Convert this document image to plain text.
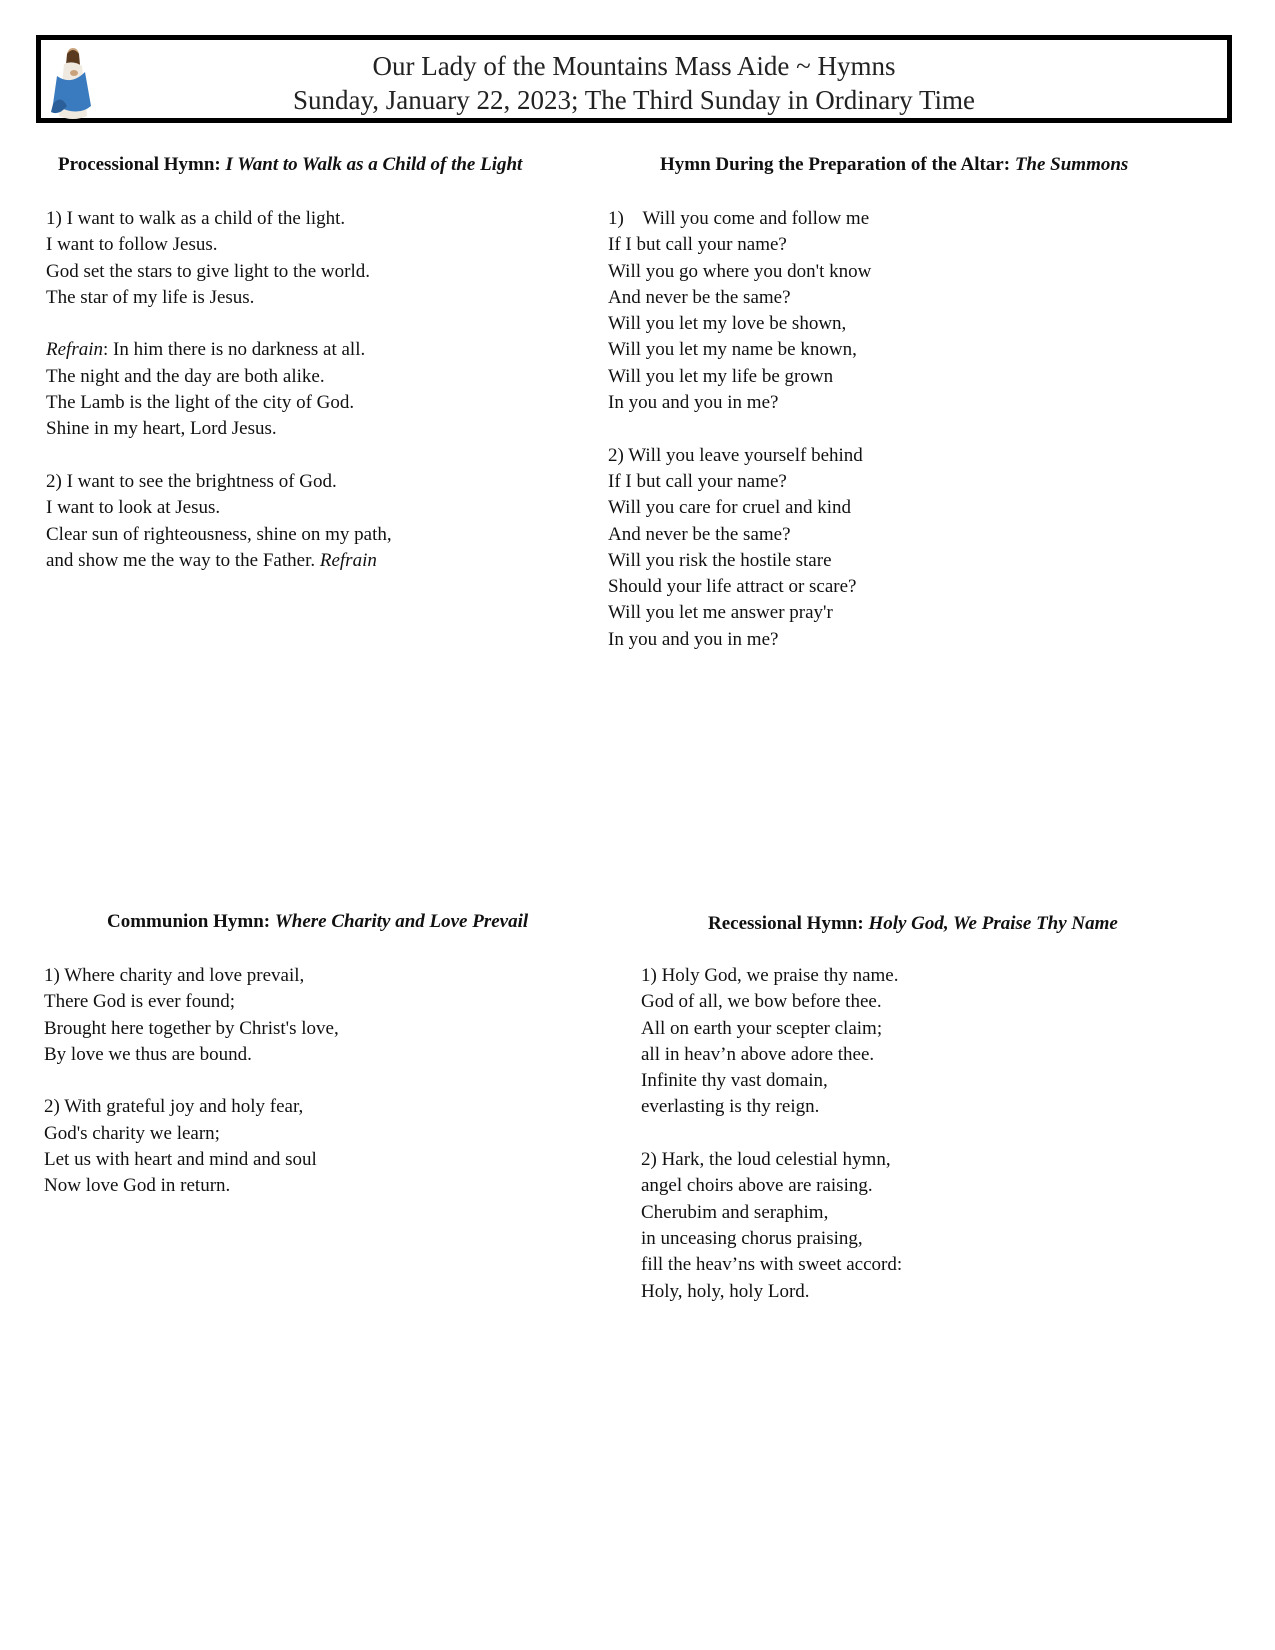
Our Lady of the Mountains Mass Aide ~ Hymns
Sunday, January 22, 2023; The Third Sunday in Ordinary Time
Processional Hymn: I Want to Walk as a Child of the Light
1) I want to walk as a child of the light.
I want to follow Jesus.
God set the stars to give light to the world.
The star of my life is Jesus.
Refrain: In him there is no darkness at all.
The night and the day are both alike.
The Lamb is the light of the city of God.
Shine in my heart, Lord Jesus.
2) I want to see the brightness of God.
I want to look at Jesus.
Clear sun of righteousness, shine on my path,
and show me the way to the Father. Refrain
Hymn During the Preparation of the Altar: The Summons
1)    Will you come and follow me
If I but call your name?
Will you go where you don't know
And never be the same?
Will you let my love be shown,
Will you let my name be known,
Will you let my life be grown
In you and you in me?
2) Will you leave yourself behind
If I but call your name?
Will you care for cruel and kind
And never be the same?
Will you risk the hostile stare
Should your life attract or scare?
Will you let me answer pray'r
In you and you in me?
Communion Hymn: Where Charity and Love Prevail
1) Where charity and love prevail,
There God is ever found;
Brought here together by Christ's love,
By love we thus are bound.
2) With grateful joy and holy fear,
God's charity we learn;
Let us with heart and mind and soul
Now love God in return.
Recessional Hymn: Holy God, We Praise Thy Name
1) Holy God, we praise thy name.
God of all, we bow before thee.
All on earth your scepter claim;
all in heav’n above adore thee.
Infinite thy vast domain,
everlasting is thy reign.
2) Hark, the loud celestial hymn,
angel choirs above are raising.
Cherubim and seraphim,
in unceasing chorus praising,
fill the heav’ns with sweet accord:
Holy, holy, holy Lord.
